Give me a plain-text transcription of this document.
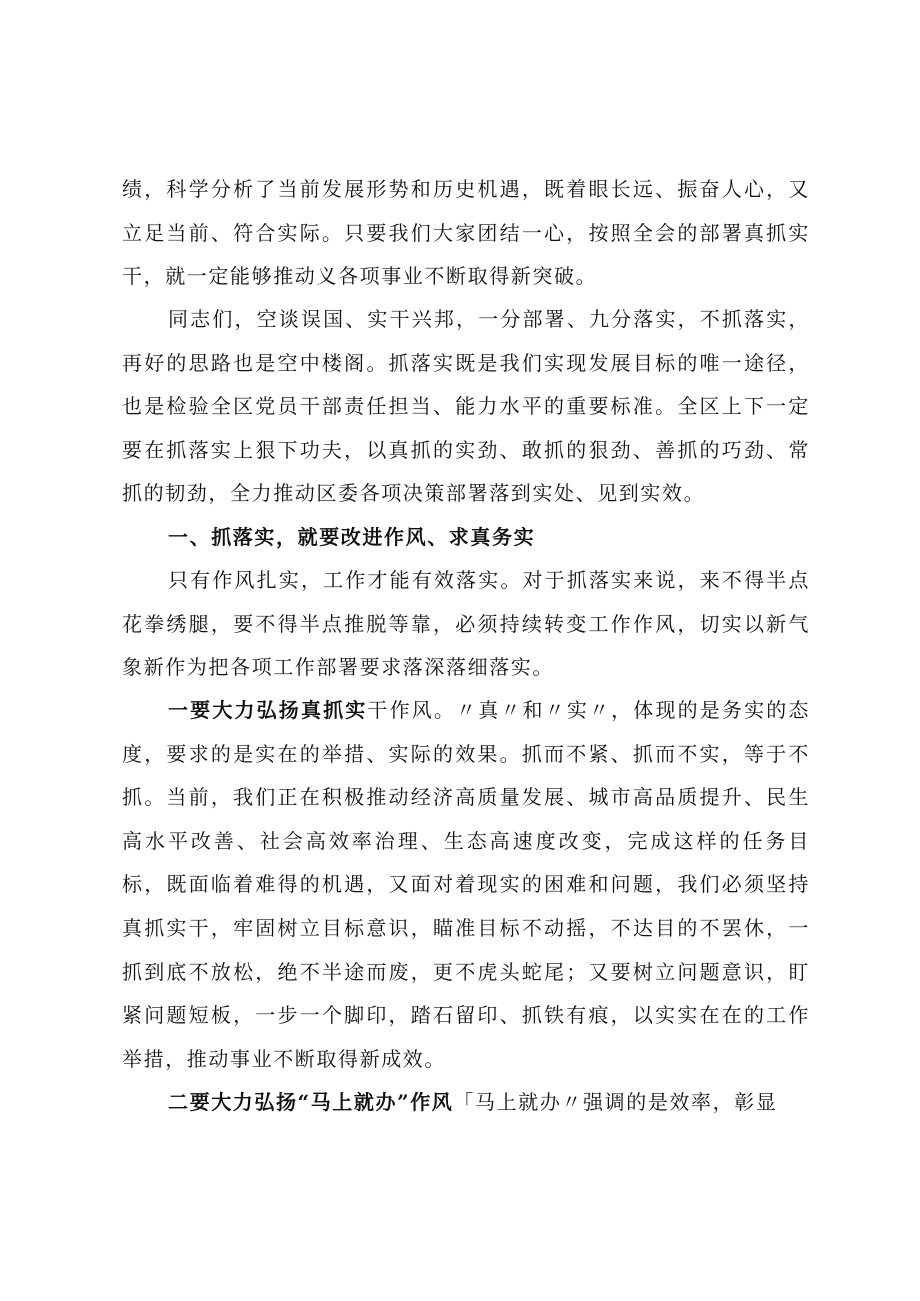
绩，科学分析了当前发展形势和历史机遇，既着眼长远、振奋人心，又立足当前、符合实际。只要我们大家团结一心，按照全会的部署真抓实干，就一定能够推动义各项事业不断取得新突破。

同志们，空谈误国、实干兴邦，一分部署、九分落实，不抓落实，再好的思路也是空中楼阁。抓落实既是我们实现发展目标的唯一途径，也是检验全区党员干部责任担当、能力水平的重要标准。全区上下一定要在抓落实上狠下功夫，以真抓的实劲、敢抓的狠劲、善抓的巧劲、常抓的韧劲，全力推动区委各项决策部署落到实处、见到实效。

一、抓落实，就要改进作风、求真务实

只有作风扎实，工作才能有效落实。对于抓落实来说，来不得半点花拳绣腿，要不得半点推脱等靠，必须持续转变工作作风，切实以新气象新作为把各项工作部署要求落深落细落实。

一要大力弘扬真抓实干作风。〃真〃和〃实〃，体现的是务实的态度，要求的是实在的举措、实际的效果。抓而不紧、抓而不实，等于不抓。当前，我们正在积极推动经济高质量发展、城市高品质提升、民生高水平改善、社会高效率治理、生态高速度改变，完成这样的任务目标，既面临着难得的机遇，又面对着现实的困难和问题，我们必须坚持真抓实干，牢固树立目标意识，瞄准目标不动摇，不达目的不罢休，一抓到底不放松，绝不半途而废，更不虎头蛇尾；又要树立问题意识，盯紧问题短板，一步一个脚印，踏石留印、抓铁有痕，以实实在在的工作举措，推动事业不断取得新成效。

二要大力弘扬“马上就办”作风「马上就办〃强调的是效率，彰显
